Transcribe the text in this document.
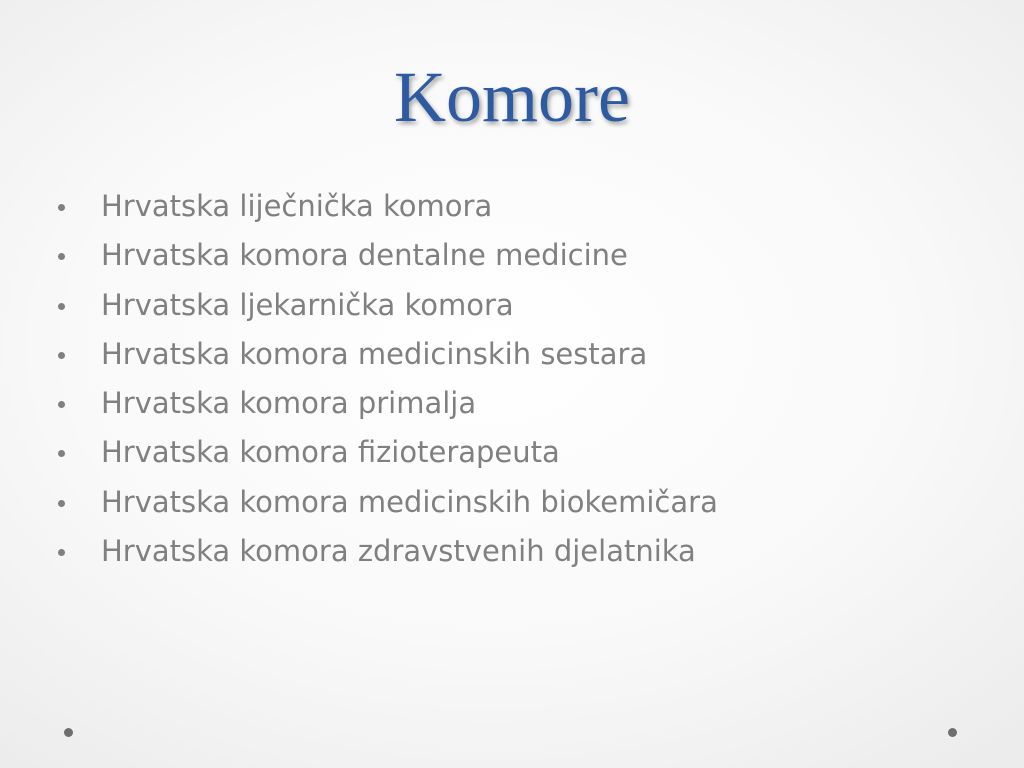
Komore
Hrvatska liječnička komora
Hrvatska komora dentalne medicine
Hrvatska ljekarnička komora
Hrvatska komora medicinskih sestara
Hrvatska komora primalja
Hrvatska komora fizioterapeuta
Hrvatska komora medicinskih biokemičara
Hrvatska komora zdravstvenih djelatnika
